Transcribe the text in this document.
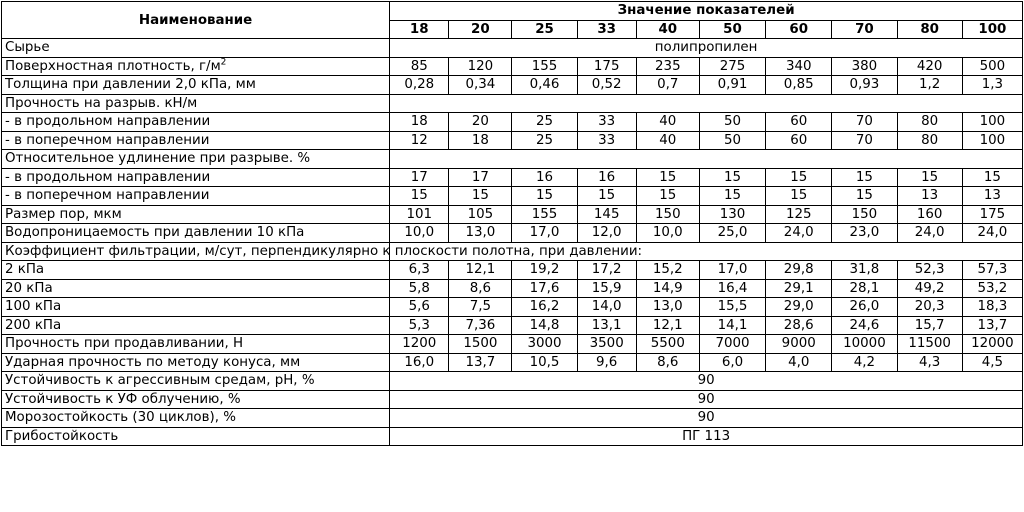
Наименование	Значение показателей									
	18	20	25	33	40	50	60	70	80	100
Сырье	полипропилен									
Поверхностная плотность, $г/м^2$	85	120	155	175	235	275	340	380	420	500
Толщина при давлении 2,0 кПа, мм	0,28	0,34	0,46	0,52	0,7	0,91	0,85	0,93	1,2	1,3
Прочность на разрыв. кН/м										
- в продольном направлении	18	20	25	33	40	50	60	70	80	100
- в поперечном направлении	12	18	25	33	40	50	60	70	80	100
Относительное удлинение при разрыве. %										
- в продольном направлении	17	17	16	16	15	15	15	15	15	15
- в поперечном направлении	15	15	15	15	15	15	15	15	13	13
Размер пор, мкм	101	105	155	145	150	130	125	150	160	175
Водопроницаемость при давлении 10 кПа	10,0	13,0	17,0	12,0	10,0	25,0	24,0	23,0	24,0	24,0
Коэффициент фильтрации, м/сут, перпендикулярно к плоскости полотна, при давлении:										
2 кПа	6,3	12,1	19,2	17,2	15,2	17,0	29,8	31,8	52,3	57,3
20 кПа	5,8	8,6	17,6	15,9	14,9	16,4	29,1	28,1	49,2	53,2
100 кПа	5,6	7,5	16,2	14,0	13,0	15,5	29,0	26,0	20,3	18,3
200 кПа	5,3	7,36	14,8	13,1	12,1	14,1	28,6	24,6	15,7	13,7
Прочность при продавливании, Н	1200	1500	3000	3500	5500	7000	9000	10000	11500	12000
Ударная прочность по методу конуса, мм	16,0	13,7	10,5	9,6	8,6	6,0	4,0	4,2	4,3	4,5
Устойчивость к агрессивным средам, pH, %	90									
Устойчивость к УФ облучению, %	90									
Морозостойкость (30 циклов), %	90									
Грибостойкость	ПГ 113									
